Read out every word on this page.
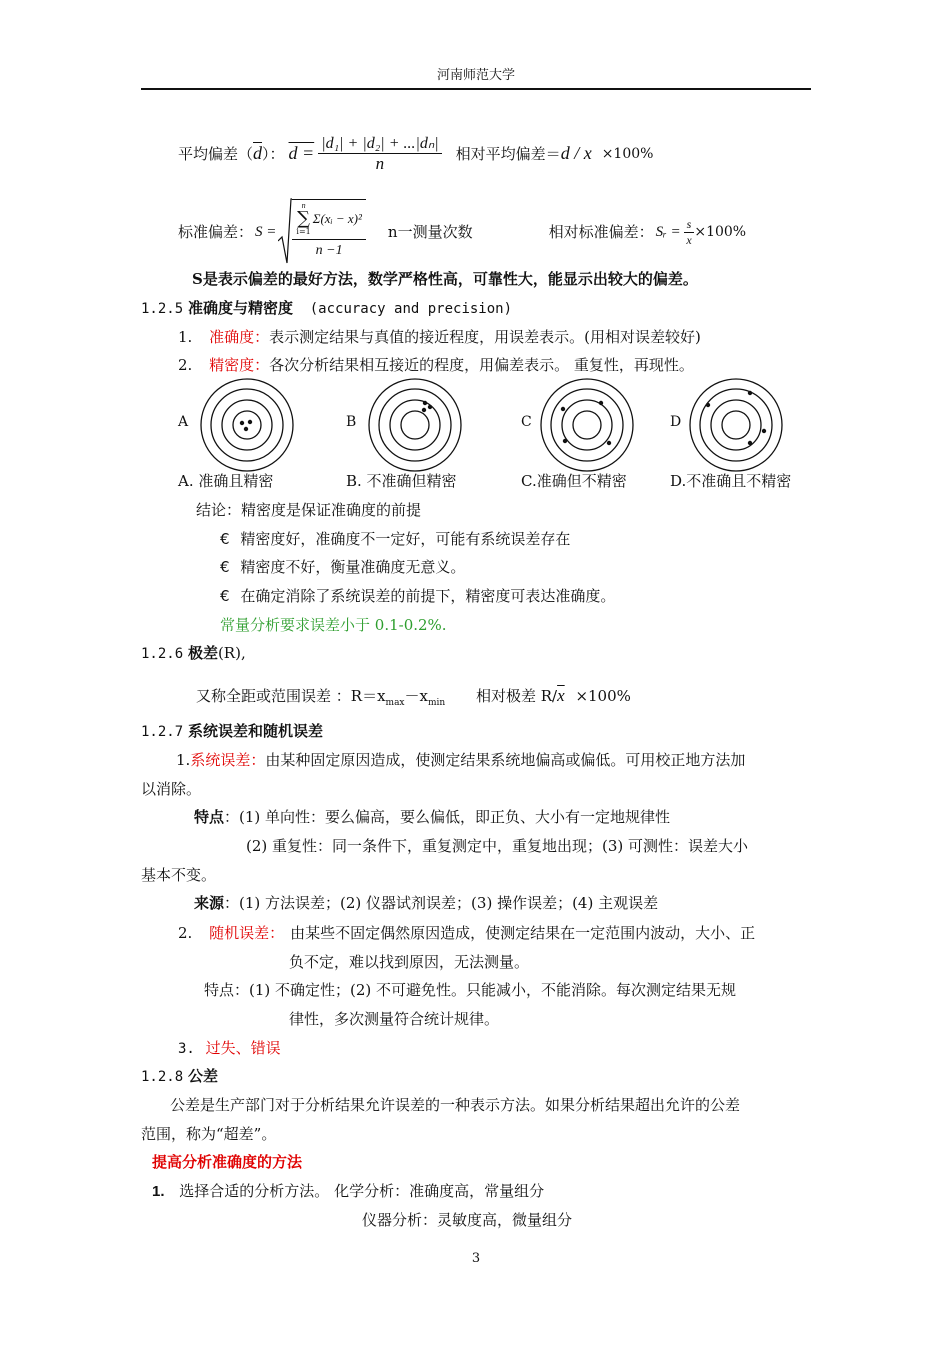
河南师范大学
平均偏差（ $\overline{d}$ ）： $d = \frac{\text{|d₁| + |d₂| + ...|dₙ|}}{n}$ 相对平均偏差＝ d / x ×100%
标准偏差： S = n
∑
i=1
Σ(xᵢ − x)²
n −1 n一测量次数	相对标准偏差： Sᵣ = $\frac{s}{x} \times 100\%$
S是表示偏差的最好方法，数学严格性高，可靠性大，能显示出较大的偏差。
1.2.5 准确度与精密度 (accuracy and precision)
1. 准确度：表示测定结果与真值的接近程度，用误差表示。(用相对误差较好)
2. 精密度：各次分析结果相互接近的程度，用偏差表示。 重复性，再现性。
A	B	C	D
A. 准确且精密	B. 不准确但精密	C.准确但不精密	D.不准确且不精密
结论：精密度是保证准确度的前提
€ 精密度好，准确度不一定好，可能有系统误差存在
€ 精密度不好，衡量准确度无意义。
€ 在确定消除了系统误差的前提下，精密度可表达准确度。
常量分析要求误差小于 0.1-0.2%.
1.2.6 极差(R),
又称全距或范围误差 ：$R=x_{max}-x_{min}$ 相对极差 $R/\overline{x} \times 100\%$
1.2.7 系统误差和随机误差
1.系统误差：由某种固定原因造成，使测定结果系统地偏高或偏低。可用校正地方法加
以消除。
特点：(1) 单向性：要么偏高，要么偏低，即正负、大小有一定地规律性
(2) 重复性：同一条件下，重复测定中，重复地出现；(3) 可测性：误差大小
基本不变。
来源：(1) 方法误差；(2) 仪器试剂误差；(3) 操作误差；(4) 主观误差
2. 随机误差： 由某些不固定偶然原因造成，使测定结果在一定范围内波动，大小、正
负不定，难以找到原因，无法测量。
特点：(1) 不确定性；(2) 不可避免性。只能减小，不能消除。每次测定结果无规
律性，多次测量符合统计规律。
3. 过失、错误
1.2.8 公差
公差是生产部门对于分析结果允许误差的一种表示方法。如果分析结果超出允许的公差
范围，称为“超差”。
提高分析准确度的方法
1. 选择合适的分析方法。 化学分析：准确度高，常量组分
仪器分析：灵敏度高，微量组分
3
